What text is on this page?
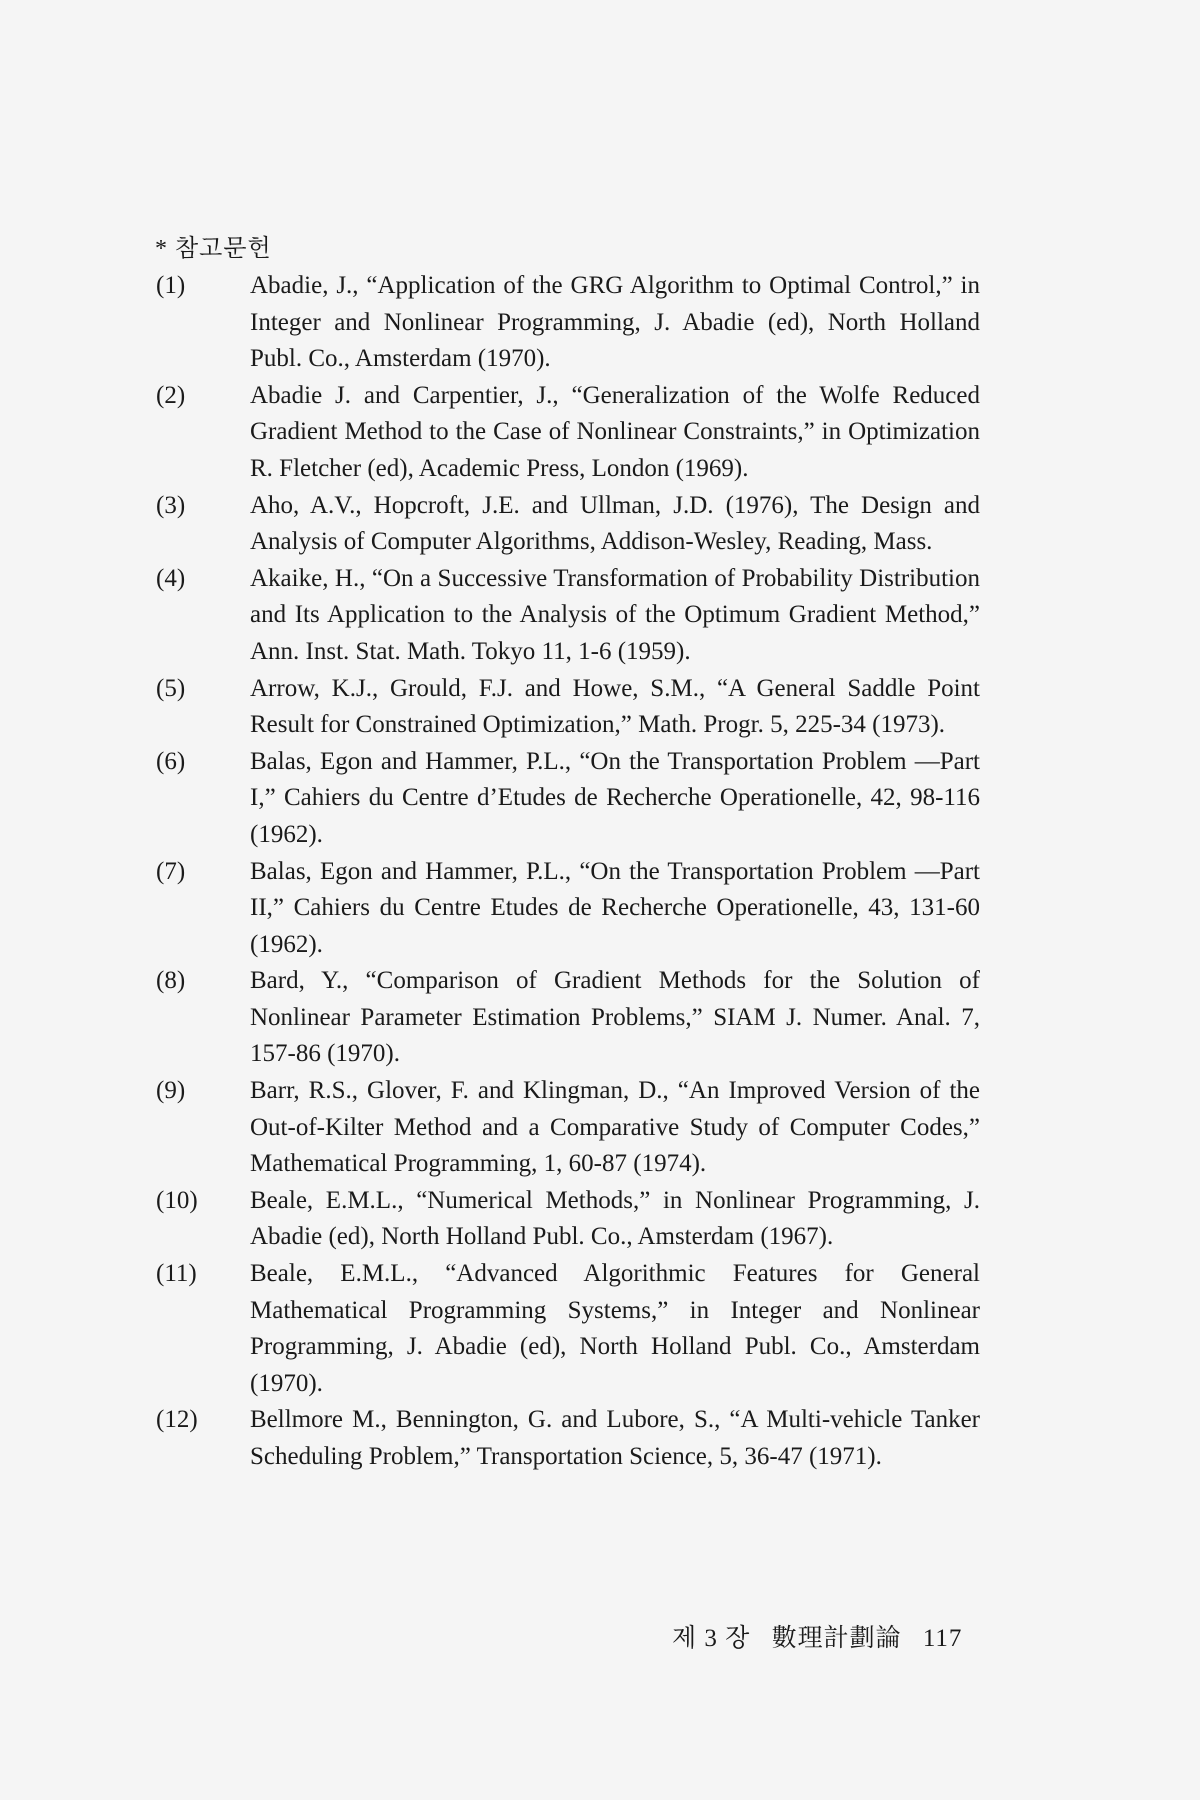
* 참고문헌
(1)	Abadie, J., “Application of the GRG Algorithm to Optimal Control,” in Integer and Nonlinear Programming, J. Abadie (ed), North Holland Publ. Co., Amsterdam (1970).
(2)	Abadie J. and Carpentier, J., “Generalization of the Wolfe Reduced Gradient Method to the Case of Nonlinear Constraints,” in Optimization R. Fletcher (ed), Academic Press, London (1969).
(3)	Aho, A.V., Hopcroft, J.E. and Ullman, J.D. (1976), The Design and Analysis of Computer Algorithms, Addison-Wesley, Reading, Mass.
(4)	Akaike, H., “On a Successive Transformation of Probability Distribution and Its Application to the Analysis of the Optimum Gradient Method,” Ann. Inst. Stat. Math. Tokyo 11, 1-6 (1959).
(5)	Arrow, K.J., Grould, F.J. and Howe, S.M., “A General Saddle Point Result for Constrained Optimization,” Math. Progr. 5, 225-34 (1973).
(6)	Balas, Egon and Hammer, P.L., “On the Transportation Problem —Part I,” Cahiers du Centre d’Etudes de Recherche Operationelle, 42, 98-116 (1962).
(7)	Balas, Egon and Hammer, P.L., “On the Transportation Problem —Part II,” Cahiers du Centre Etudes de Recherche Operationelle, 43, 131-60 (1962).
(8)	Bard, Y., “Comparison of Gradient Methods for the Solution of Nonlinear Parameter Estimation Problems,” SIAM J. Numer. Anal. 7, 157-86 (1970).
(9)	Barr, R.S., Glover, F. and Klingman, D., “An Improved Version of the Out-of-Kilter Method and a Comparative Study of Computer Codes,” Mathematical Programming, 1, 60-87 (1974).
(10)	Beale, E.M.L., “Numerical Methods,” in Nonlinear Programming, J. Abadie (ed), North Holland Publ. Co., Amsterdam (1967).
(11)	Beale, E.M.L., “Advanced Algorithmic Features for General Mathematical Programming Systems,” in Integer and Nonlinear Programming, J. Abadie (ed), North Holland Publ. Co., Amsterdam (1970).
(12)	Bellmore M., Bennington, G. and Lubore, S., “A Multi-vehicle Tanker Scheduling Problem,” Transportation Science, 5, 36-47 (1971).
제 3 장 數理計劃論 117
